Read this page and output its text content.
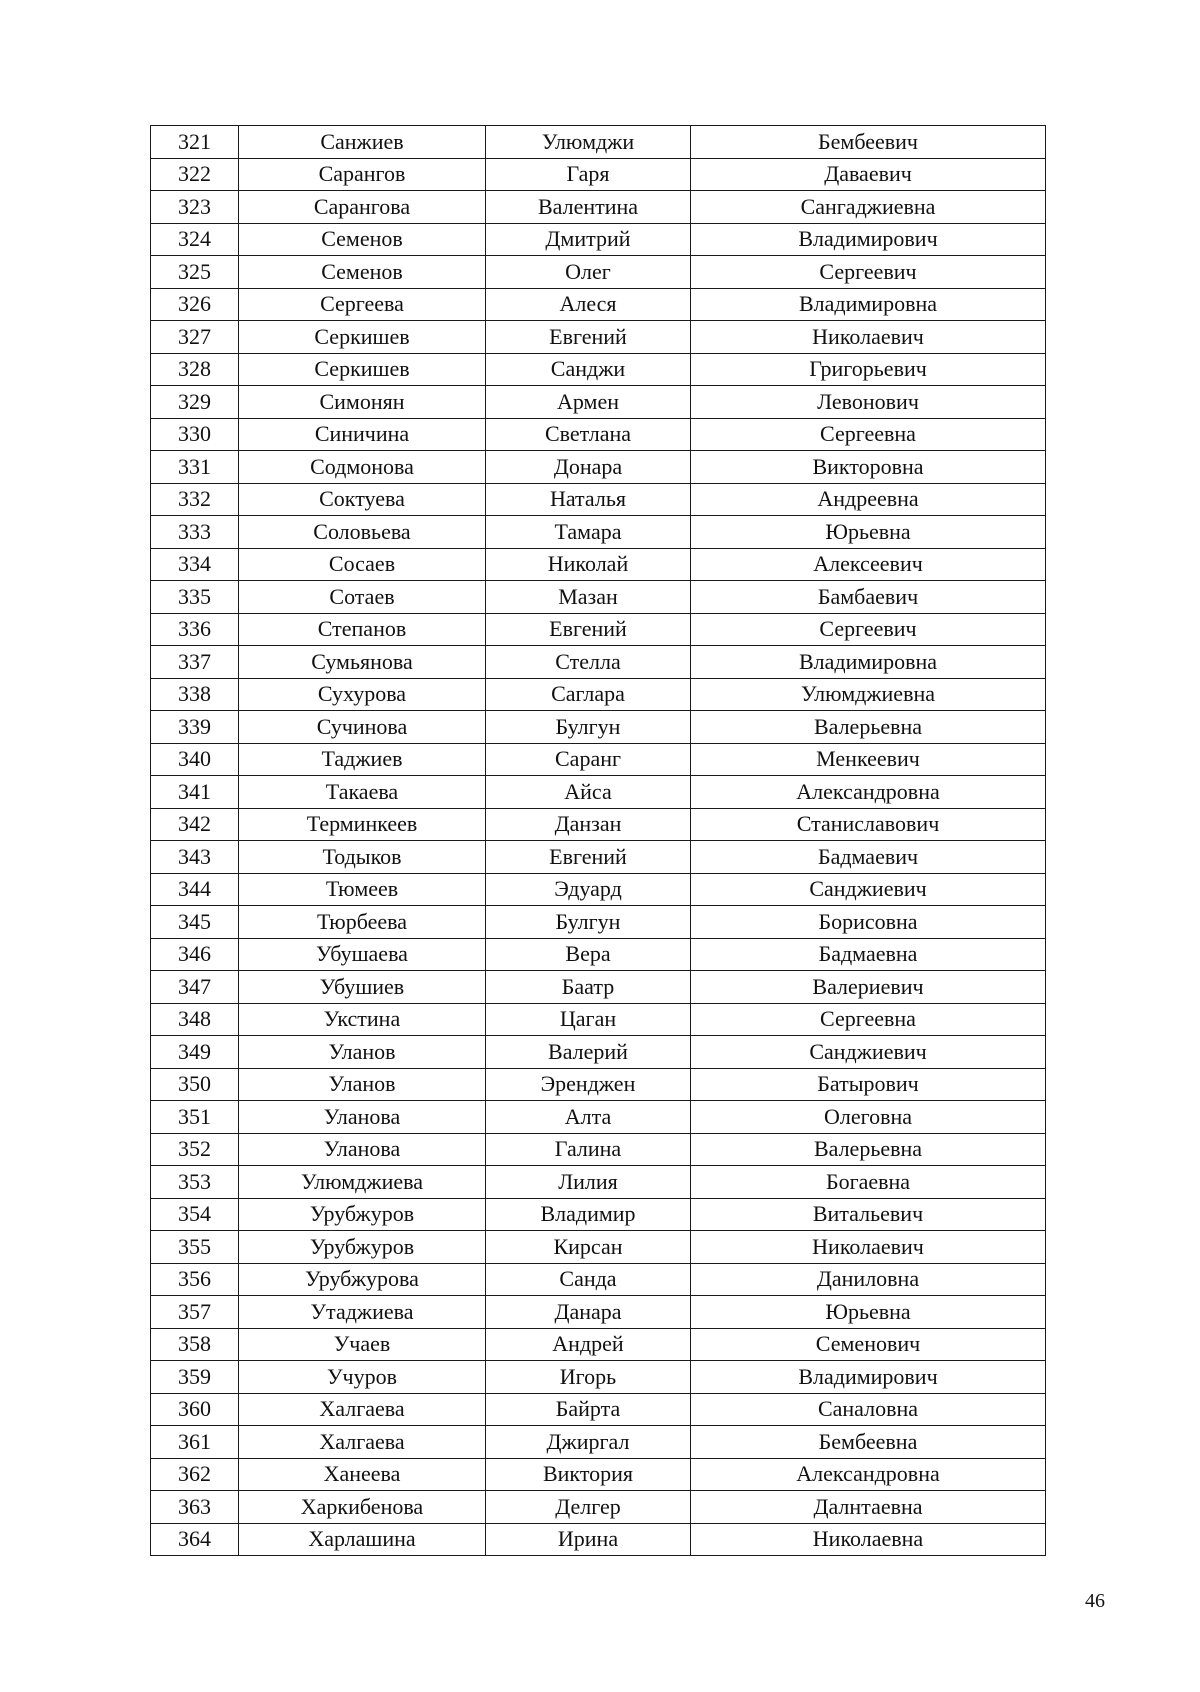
321	Санжиев	Улюмджи	Бембеевич
322	Сарангов	Гаря	Даваевич
323	Сарангова	Валентина	Сангаджиевна
324	Семенов	Дмитрий	Владимирович
325	Семенов	Олег	Сергеевич
326	Сергеева	Алеся	Владимировна
327	Серкишев	Евгений	Николаевич
328	Серкишев	Санджи	Григорьевич
329	Симонян	Армен	Левонович
330	Синичина	Светлана	Сергеевна
331	Содмонова	Донара	Викторовна
332	Соктуева	Наталья	Андреевна
333	Соловьева	Тамара	Юрьевна
334	Сосаев	Николай	Алексеевич
335	Сотаев	Мазан	Бамбаевич
336	Степанов	Евгений	Сергеевич
337	Сумьянова	Стелла	Владимировна
338	Сухурова	Саглара	Улюмджиевна
339	Сучинова	Булгун	Валерьевна
340	Таджиев	Саранг	Менкеевич
341	Такаева	Айса	Александровна
342	Терминкеев	Данзан	Станиславович
343	Тодыков	Евгений	Бадмаевич
344	Тюмеев	Эдуард	Санджиевич
345	Тюрбеева	Булгун	Борисовна
346	Убушаева	Вера	Бадмаевна
347	Убушиев	Баатр	Валериевич
348	Укстина	Цаган	Сергеевна
349	Уланов	Валерий	Санджиевич
350	Уланов	Эренджен	Батырович
351	Уланова	Алта	Олеговна
352	Уланова	Галина	Валерьевна
353	Улюмджиева	Лилия	Богаевна
354	Урубжуров	Владимир	Витальевич
355	Урубжуров	Кирсан	Николаевич
356	Урубжурова	Санда	Даниловна
357	Утаджиева	Данара	Юрьевна
358	Учаев	Андрей	Семенович
359	Учуров	Игорь	Владимирович
360	Халгаева	Байрта	Саналовна
361	Халгаева	Джиргал	Бембеевна
362	Ханеева	Виктория	Александровна
363	Харкибенова	Делгер	Далнтаевна
364	Харлашина	Ирина	Николаевна
46
